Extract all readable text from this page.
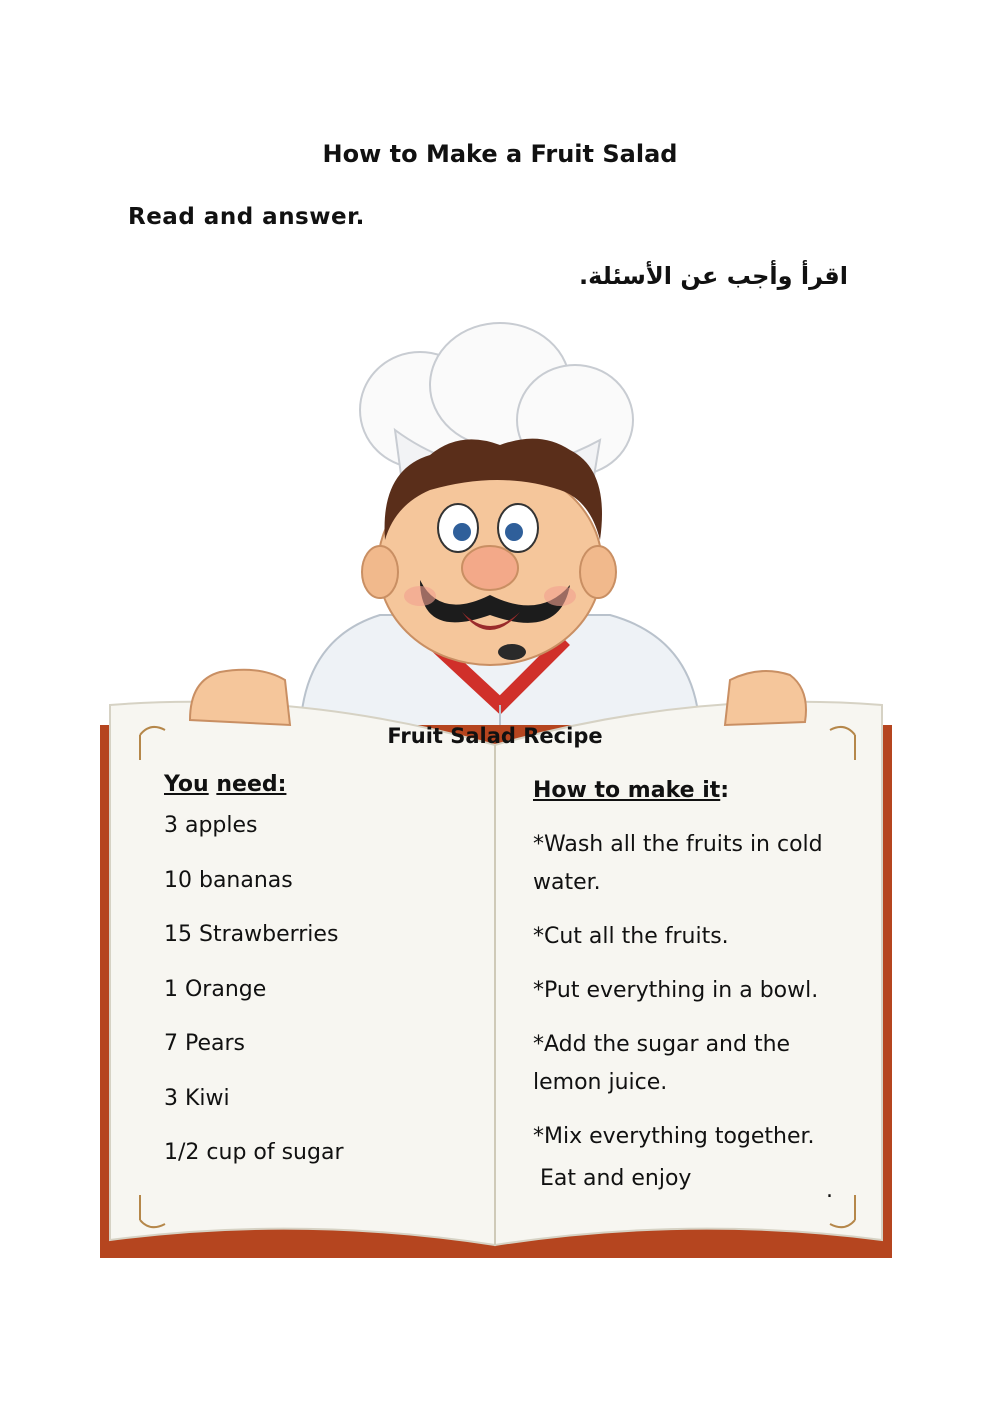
How to Make a Fruit Salad
Read and answer.
اقرأ وأجب عن الأسئلة.
Fruit Salad Recipe
You need:
3 apples
10 bananas
15 Strawberries
1 Orange
7 Pears
3 Kiwi
1/2 cup of sugar
How to make it:
*Wash all the fruits in cold water.
*Cut all the fruits.
*Put everything in a bowl.
*Add the sugar and the lemon juice.
*Mix everything together.
Eat and enjoy	.
